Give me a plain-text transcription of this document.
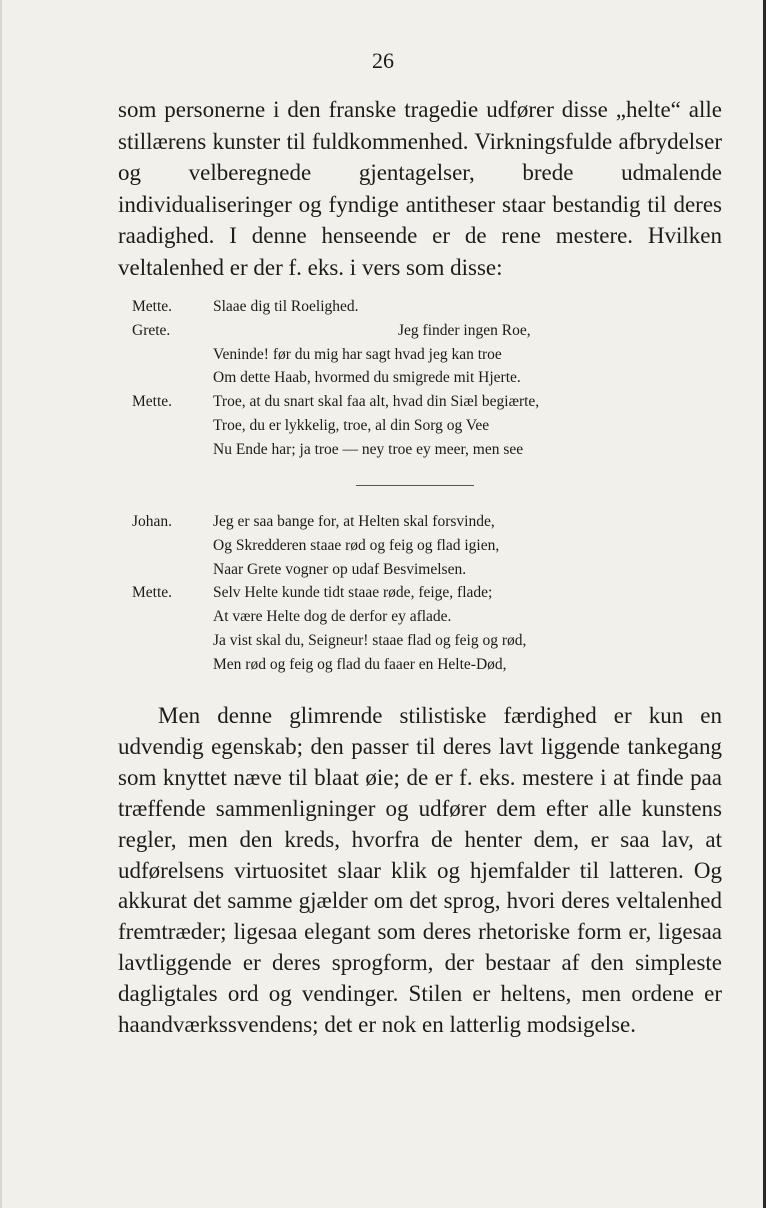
26

som personerne i den franske tragedie udfører disse „helte“ alle stillærens kunster til fuldkommenhed. Virkningsfulde afbrydelser og velberegnede gjentagelser, brede udmalende individualiseringer og fyndige antitheser staar bestandig til deres raadighed. I denne henseende er de rene mestere. Hvilken veltalenhed er der f. eks. i vers som disse:

Mette.	Slaae dig til Roelighed.
Grete.	Jeg finder ingen Roe,
Veninde! før du mig har sagt hvad jeg kan troe
Om dette Haab, hvormed du smigrede mit Hjerte.
Mette.	Troe, at du snart skal faa alt, hvad din Siæl begiærte,
Troe, du er lykkelig, troe, al din Sorg og Vee
Nu Ende har; ja troe — ney troe ey meer, men see
Johan.	Jeg er saa bange for, at Helten skal forsvinde,
Og Skredderen staae rød og feig og flad igien,
Naar Grete vogner op udaf Besvimelsen.
Mette.	Selv Helte kunde tidt staae røde, feige, flade;
At være Helte dog de derfor ey aflade.
Ja vist skal du, Seigneur! staae flad og feig og rød,
Men rød og feig og flad du faaer en Helte-Død,

Men denne glimrende stilistiske færdighed er kun en udvendig egenskab; den passer til deres lavt liggende tankegang som knyttet næve til blaat øie; de er f. eks. mestere i at finde paa træffende sammenligninger og udfører dem efter alle kunstens regler, men den kreds, hvorfra de henter dem, er saa lav, at udførelsens virtuositet slaar klik og hjemfalder til latteren. Og akkurat det samme gjælder om det sprog, hvori deres veltalenhed fremtræder; ligesaa elegant som deres rhetoriske form er, ligesaa lavtliggende er deres sprogform, der bestaar af den simpleste dagligtales ord og vendinger. Stilen er heltens, men ordene er haandværkssvendens; det er nok en latterlig modsigelse.
